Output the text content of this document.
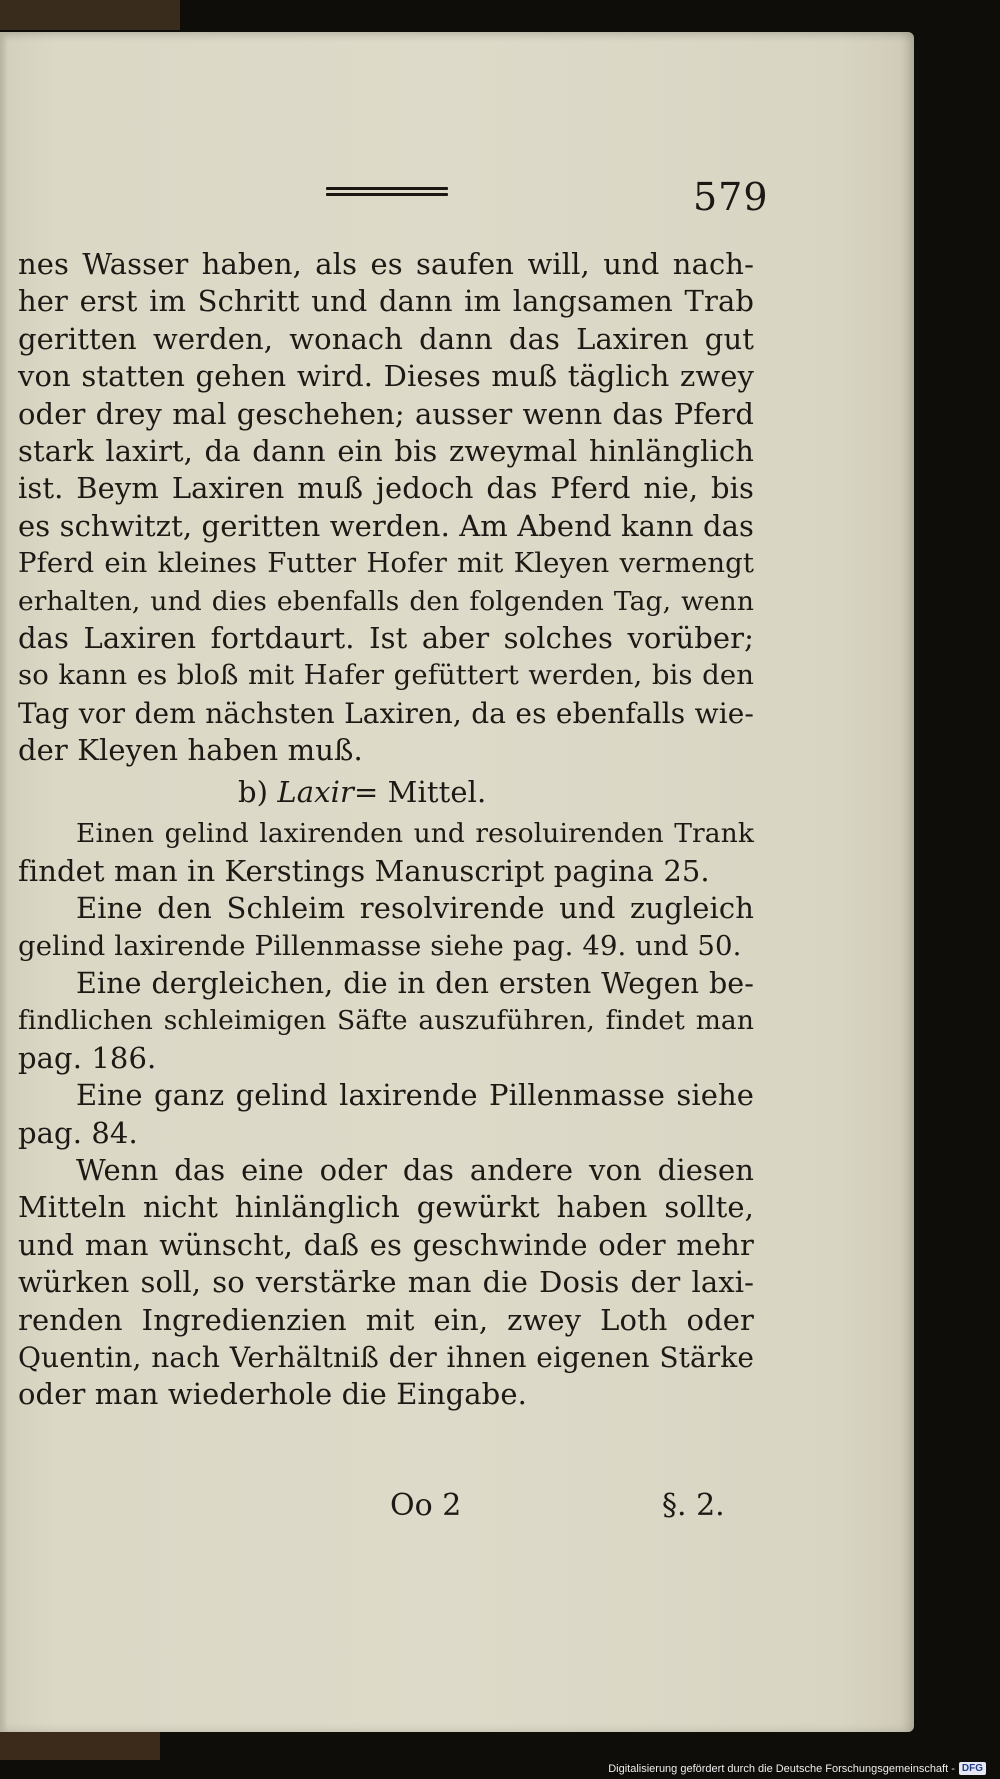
579
nes Wasser haben, als es saufen will, und nach-
her erst im Schritt und dann im langsamen Trab
geritten werden, wonach dann das Laxiren gut
von statten gehen wird. Dieses muß täglich zwey
oder drey mal geschehen; ausser wenn das Pferd
stark laxirt, da dann ein bis zweymal hinlänglich
ist. Beym Laxiren muß jedoch das Pferd nie, bis
es schwitzt, geritten werden. Am Abend kann das
Pferd ein kleines Futter Hofer mit Kleyen vermengt
erhalten, und dies ebenfalls den folgenden Tag, wenn
das Laxiren fortdaurt. Ist aber solches vorüber;
so kann es bloß mit Hafer gefüttert werden, bis den
Tag vor dem nächsten Laxiren, da es ebenfalls wie-
der Kleyen haben muß.
b) Laxir= Mittel.
Einen gelind laxirenden und resoluirenden Trank
findet man in Kerstings Manuscript pagina 25.
Eine den Schleim resolvirende und zugleich
gelind laxirende Pillenmasse siehe pag. 49. und 50.
Eine dergleichen, die in den ersten Wegen be-
findlichen schleimigen Säfte auszuführen, findet man
pag. 186.
Eine ganz gelind laxirende Pillenmasse siehe
pag. 84.
Wenn das eine oder das andere von diesen
Mitteln nicht hinlänglich gewürkt haben sollte,
und man wünscht, daß es geschwinde oder mehr
würken soll, so verstärke man die Dosis der laxi-
renden Ingredienzien mit ein, zwey Loth oder
Quentin, nach Verhältniß der ihnen eigenen Stärke
oder man wiederhole die Eingabe.
Oo 2	§. 2.
Digitalisierung gefördert durch die Deutsche Forschungsgemeinschaft - DFG
